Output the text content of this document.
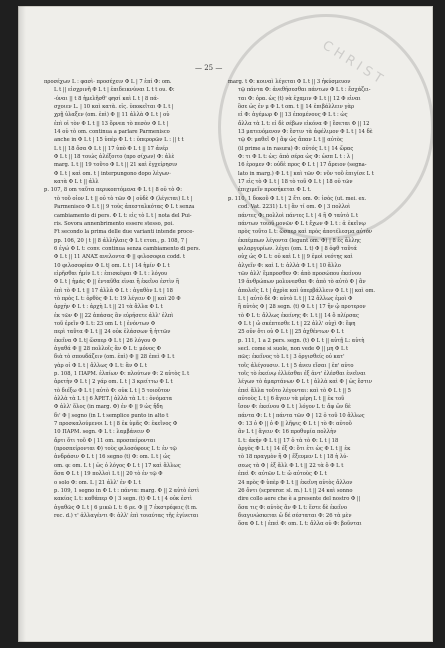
CHRIST
— 25 —
προσέχων L : φασὶ· προσέχειν Φ L | 7 ἐπί Φ: om.
L t || εἰσχρινῆ Φ L t | ἐπιδεικνύναι L t t ου. Φ:
-ύναι || t 8 ἡμελῆσθ' φησί καὶ L t | 8 πά-
σχοιεν L. | 10 καὶ κατὰ. εἰς. ὑποκεῖται Φ L t |
χρῇ ὑλαξεν (om. ἐπὶ) Φ || 11 ἀλλὰ Φ L t | οὐ
ἐπὶ οἱ τὸν Φ L t || 13 ὄρνεα τὸ πεσὸν Φ L t |
14 οὐ τὸ om. continua a parlare Parmenisco
anche in Φ L t | 15 ὑπὲρ Φ L t : ὑπερορῶν L : || t t
L t || 18 ὅσα Φ L t || 17 ὑπὸ Φ L t || 17 ἀνέρ
Φ L t || 18 τοιώς ἀλέξοιτο (προ σίχων) Φ: ἀλὲ
marg. L t || 19 τοῦτο Φ L t || 21 καὶ ἐγχείρησιν
Φ L t | καὶ om. t | interpungono dopo λέγων·
κατὰ Φ L t || ἀλλ
p. 107, 8 om ταῦτα περικοπτόμενα Φ L t | 8 οὐ τὸ Φ:
τὸ τοῦ οἷον L t || οὐ τὸ τῶν Φ | οὐδὲ Φ (λέγεται) L t |
Parmenisco Φ L t || 9 τοὺς ἀπεσταλκότας Φ L t senza
cambiamento di pers. Φ L t: εἰς τὸ L t | nota del Pui-
ris. Sovora annenbrimento essere stesso, poi.
Ft secondo la prima delle due varianti intende proce-
pp. 106, 20 | t || 8 ἀλλήλαις Φ L t ετυπ., p. 108, 7 |
6 ἐγώ Φ L t: conv. continua senza cambiamento di pers.
Φ L t || 11 ΑΝΑΞ ανελοντα Φ || φιλοσοφια codd. t
10 φιλοσοφίαν Φ L t| om. L t | 14 ἡμίν Φ L t
εἰρῆσθαι ἡμίν L t : ἐπισκέψαι Φ L t : λόγου
Φ L t | ἡμάς Φ || ἐνταῦθα εἰναι ἢ ἐκεῖνο ἐστὶν ἢ
ἐπὶ τὸ Φ L t || 17 ἀλλὰ Φ L t : ἀγαθὸν L t | 18
τὸ πρὸς L t: ὀρθὸς Φ L t: 19 λέγειν Φ || καὶ 20 Φ
ἀρχὴν Φ L t : ἀρχὴ L t || 21 τὰ ἄλλα Φ L t
ἐκ τῶν Φ || 22 ἀπάσας ἂν εὐρήσετε ἀλλ' ἐλπὶ
τοῦ ἐρεῖν Φ L t: 23 om L t | ἐνόντων Φ
περὶ ταῦτα Φ L t || 24 οὐκ ἐλάσσων ἢ ἡττῶν
ἐκεῖνα Φ L t| ὥσπερ Φ L t | 26 λόγου Φ
ἀγαθά Φ || 28 πολλοῖς ἂν Φ L t: μόνος Φ
διὰ τὸ σπουδάζειν (om. ἐπὶ) Φ || 28 ἐπεὶ Φ L t
γὰρ οἱ Φ L t | ἄλλως Φ L t: ἂν Φ L t
p. 108, 1 ΠΑΡΜ. ἐλπίων Φ: πλούτων Φ: 2 αὐτὸς L t
ἀρετὴν Φ L t | 2 γάρ om. L t | 3 κρείττω Φ L t
τὸ διέξω Φ L t | αὐτὸ Φ: οὐκ L t | 5 τοιοῦτον
ἀλλὰ τὰ L t | 6 ἈΡΕΤ.| ἀλλὰ τὰ L t : ὀνόματα
Φ ἀλλ' ὅλος (in marg. Φ) ἐν Φ || 9 ὡς ἤδη
δι' Φ | segno (in L t semplice punto in alto t
7 προσκαλούμενοι L t | 8 ἐκ ὑμᾶς Φ: ἐκεῖνος Φ
10 ΠΑΡΜ. segn. Φ L t : λαμβάνειν Φ
ἄρτι ὅτι τοῦ Φ | 11 om. προσπείρονται
(προσπείρονται Φ) τοὺς φιλοσόφους L t: ἐν τῷ
ἀνδράσιν Φ L t | 16 segno (t) Φ: om. L t | ὡς
om. φ: om. L t | ὡς ὁ λόγος Φ L t | 17 καὶ ἄλλως
ὅσα Φ L t | 19 πολλοὶ L t || 20 τὸ ἐν τῷ Φ
o solo Φ: om. L | 21 ἀλλ' ἐν Φ L t
p. 109, 1 segno in Φ L t : πάντα: marg. Φ || 2 αὐτὸ ἐστὶ
κακίας L t: καθάπερ Φ | 3 segn. (t) Φ L t | 4 οὐκ ἐστὶ
ἀγαθῶς Φ L t | 6 μικῶ L t: 6 ρε. Φ || 7 ἐκστρέφεις (t m.
rec. d.) τ' ἀλλαγέντι Φ: ἀλλ' ἐπὶ τοιαύτας τῆς ἐγίνεται
marg. t Φ: κοιναὶ λέγεται Φ L t || 3 ἡκύσμευον
τῷ πάντα Φ: ἀνεθήσεσθαι πάντων Φ L t : ἔσχάζει-
ται Φ: ὁρα. ὡς (t) νὰ ἐχαμιν Φ L t || 12 Φ εἶναι
ὃσε ὡς ἐν μ Φ L t om. t || 14 ἐπιβάλλειν γὰρ
εἰ Φ: ἀγέμωρ Φ || 13 ἐπομένους Φ L t : ὡς
ἄλλα τὰ L t: εἰ δὲ σέβων εἰκόνα Φ | ἔσεται Φ || 12
13 ματευόμενον Φ: ἔστιν τὰ ἀφέλιμον Φ L t | 14 δὲ
τῷ Φ: μαθεῖ Φ | ἂψ ὡς ἅπαν L t || αὐτὸς
(il prime a in rasura) Φ: αὐτός L t | 14 ὥρας
Φ: τι Φ L t: ὡς: ἀπὸ σέρα ὡς Φ: ὡσπ L t : λ |
16 ἐρομεν Φ: οὐδὲ προς Φ L t | 17 ἄρειον (segna-
lato in marg.) Φ L t | καὶ τῶν Φ: νῦν τοῦ ἐπιγίσε L t
17 εἰς τὸ Φ L t | 18 τὸ τοῦ Φ L t | 18 οὐ τῶν
ἐπιχιμεῖν προσήκεται Φ L t.
p. 110, 1 δοκοῦ Φ L t | 2 ἔτι om. Φ: ἰσὸς (ut. mei. ex.
cod. Vat. 2231) L t | ἂν τί om. Φ | 3 πολλοὶ
πάντες Φ: πολλοὶ πάντες L t | 4 ἢ Φ ταὐτὸ L t
πάντων τοιοῦ μονῶν Φ L t ἔχων Φ L t : ἀ ἐκεῖνῳ
πρὸς τοῦτο L t: ὥσπερ καὶ πρὸς ἀποτέλεσμα αὐτόν
ἐκπέμπων λέγοντα (legunt om. Φ) | 8 ἐς ἄλλης
φιλαργυρίων. λέγει (om. L t) Φ | 8 ὀφθ ταῦτά
οὐχ ὡς Φ L t: οὐ καὶ L t || 9 ἐμοὶ νεότης καὶ
ἀλγεῖν Φ: καὶ L t: ἀλλὰ Φ L t | 10 ἄλλο
τῶν ἀλλ' ἔμπροσθεν Φ: ἀπὸ προσώπου ἐκείνου
19 ἀνθρώπων μολυνεσθαι Φ: ἀπὸ τὸ αὐτὸ Φ | ἂν
ἀπολεῖς L t | ἀχρὶα καὶ ὑπερβάλλειν Φ L t || καὶ om.
L t | αὐτὸ δὲ Φ: αὐτὸ L t || 12 ἄλλως ἐμοὶ Φ
ἢ αὐτὸς Φ | 28 segn. (t) Φ L t | 17 ἢν ᾧ προτερον
τὸ Φ L t: ἄλλως ἐκείνης Φ: L t || 14 ὃ πλίρσας
Φ L t | ὦ σκέπτεσθε L t | 22 ἀλλ' οὐχὶ Φ: ἔφη
25 οὖν ὅτι οὐ Φ L t || 25 ἀχθέντων Φ L t
p. 111, 1 a 2 pers. segn. (t) Φ L t || αὐτῇ L: αὐτὴ
secl. come si suole, non vede Φ || μη Φ L t
πῶς: ἐκεῖνος τὸ L t | 3 ὀργισθείς οὐ κατ'
τοῖς ἀλέγουσιν. L t | 5 ἀνευ εἴσαι | ἐπ' αὐτο
τοῖς τὸ ἐκείνῳ ἐλλέσθαι ἐξ ἀντ' ἐλέσθαι ἐνεῖναι
λέγων τὸ ἀμαρτάνων Φ L t | ἀλλὰ καὶ Φ | ὡς ἔστιν
ἐπεὶ ἄλλα τοῦτο λέγονται: καὶ τὸ Φ L t || 5
αὐτοὺς L t | 6 ἄγειν τὰ μέρη L t || ἐκ τοῦ
ἴσον Φ: ἐκείνου Φ L t | λόγον L t: ἄφ ὧν δὲ
πάντα Φ: L t | πάντα τῶν Φ | 12 ὁ τοῦ 10 ἄλλως
Φ: 13 ὁ Φ || ὁ Φ || λῆψις Φ L t | τὸ Φ: αὐτοῦ
ἂν L t | ἄγειν Φ: 16 προθυμία πολλὴν
L t: ἀκήν Φ L t || 17 ὁ τὰ τὸ Φ: L t | 18
ἀργὸς Φ L t | 14 ἐξ Φ: ὃτι ἐτι ὡς Φ L t || ἐκ
τὸ 18 πραγμὸν ἢ Φ | ἕξευμεν L t | 18 ἡ λύ-
σεως τὰ Φ | ἐξ ἄλλ Φ L t || 22 τὰ ὃ Φ L t
ἐπεὶ Φ: αὐτῶν L t: ὦ αὐτοὺς Φ L t
24 πρὸς Φ ὑπὲρ Φ L t || ἐκεῖνη αὐτὸς ἄλλον
26 ὄντι (scpreror. sl. m.) L t || 24 καὶ sonno
dire collo aere che è a presente del nostro Φ ||
ὅσα τις Φ: αὐτὸς ἂν Φ L t: ἕστε δὲ ἐκεῖνο
διαγινώσκεται ὦ δέ σέσταται Φ: 26 τὰ μὲν
ὅσα Φ L t | ἐπεὶ Φ: om. L t: ἄλλα οὐ Φ: βοῦνται
